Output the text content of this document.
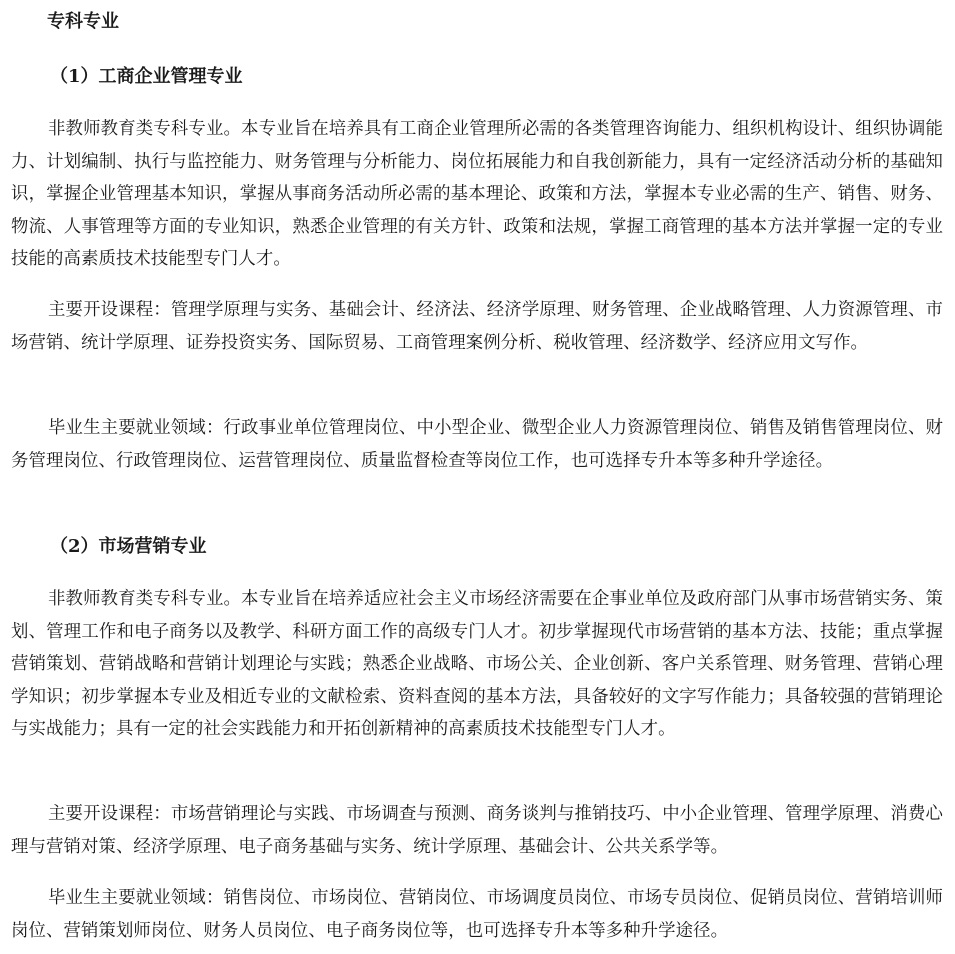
专科专业
（1）工商企业管理专业

非教师教育类专科专业。本专业旨在培养具有工商企业管理所必需的各类管理咨询能力、组织机构设计、组织协调能力、计划编制、执行与监控能力、财务管理与分析能力、岗位拓展能力和自我创新能力，具有一定经济活动分析的基础知识，掌握企业管理基本知识，掌握从事商务活动所必需的基本理论、政策和方法，掌握本专业必需的生产、销售、财务、物流、人事管理等方面的专业知识，熟悉企业管理的有关方针、政策和法规，掌握工商管理的基本方法并掌握一定的专业技能的高素质技术技能型专门人才。

主要开设课程：管理学原理与实务、基础会计、经济法、经济学原理、财务管理、企业战略管理、人力资源管理、市场营销、统计学原理、证券投资实务、国际贸易、工商管理案例分析、税收管理、经济数学、经济应用文写作。

毕业生主要就业领域：行政事业单位管理岗位、中小型企业、微型企业人力资源管理岗位、销售及销售管理岗位、财务管理岗位、行政管理岗位、运营管理岗位、质量监督检查等岗位工作，也可选择专升本等多种升学途径。

（2）市场营销专业

非教师教育类专科专业。本专业旨在培养适应社会主义市场经济需要在企事业单位及政府部门从事市场营销实务、策划、管理工作和电子商务以及教学、科研方面工作的高级专门人才。初步掌握现代市场营销的基本方法、技能；重点掌握营销策划、营销战略和营销计划理论与实践；熟悉企业战略、市场公关、企业创新、客户关系管理、财务管理、营销心理学知识；初步掌握本专业及相近专业的文献检索、资料查阅的基本方法，具备较好的文字写作能力；具备较强的营销理论与实战能力；具有一定的社会实践能力和开拓创新精神的高素质技术技能型专门人才。

主要开设课程：市场营销理论与实践、市场调查与预测、商务谈判与推销技巧、中小企业管理、管理学原理、消费心理与营销对策、经济学原理、电子商务基础与实务、统计学原理、基础会计、公共关系学等。

毕业生主要就业领域：销售岗位、市场岗位、营销岗位、市场调度员岗位、市场专员岗位、促销员岗位、营销培训师岗位、营销策划师岗位、财务人员岗位、电子商务岗位等，也可选择专升本等多种升学途径。
